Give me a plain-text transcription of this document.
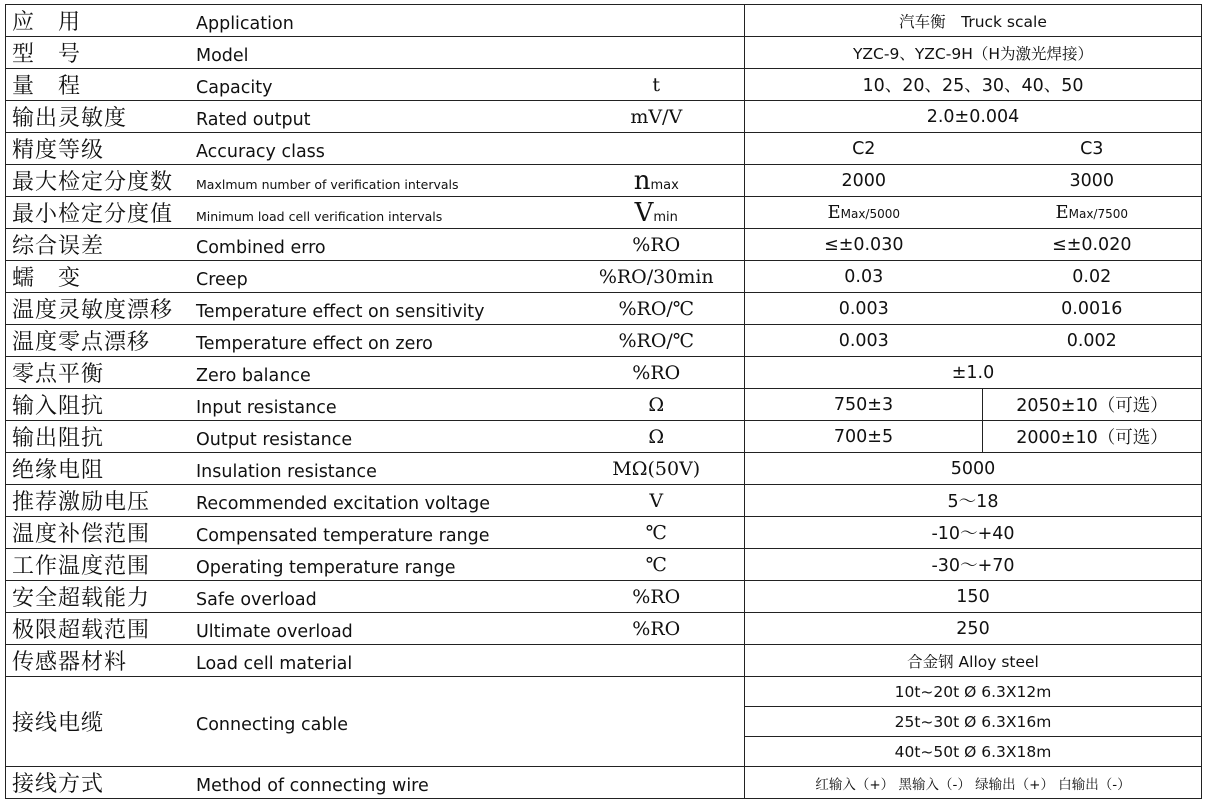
应　用 Application		汽车衡　Truck scale	
型　号 Model		YZC-9、YZC-9H（H为激光焊接）	
量　程 Capacity	t	10、20、25、30、40、50	
输出灵敏度 Rated output	mV/V	2.0±0.004	
精度等级 Accuracy class		C2	C3
最大检定分度数 Maxlmum number of verification intervals	nmax	2000	3000
最小检定分度值 Minimum load cell verification intervals	Vmin	EMax/5000	EMax/7500
综合误差 Combined erro	%RO	≤±0.030	≤±0.020
蠕　变 Creep	%RO/30min	0.03	0.02
温度灵敏度漂移 Temperature effect on sensitivity	%RO/℃	0.003	0.0016
温度零点漂移 Temperature effect on zero	%RO/℃	0.003	0.002
零点平衡 Zero balance	%RO	±1.0	
输入阻抗 Input resistance	Ω	750±3	2050±10（可选）
输出阻抗 Output resistance	Ω	700±5	2000±10（可选）
绝缘电阻 Insulation resistance	MΩ(50V)	5000	
推荐激励电压 Recommended excitation voltage	V	5～18	
温度补偿范围 Compensated temperature range	℃	-10～+40	
工作温度范围 Operating temperature range	℃	-30～+70	
安全超载能力 Safe overload	%RO	150	
极限超载范围 Ultimate overload	%RO	250	
传感器材料 Load cell material		合金钢 Alloy steel	
接线电缆 Connecting cable		10t~20t Ø 6.3X12m	
		25t~30t Ø 6.3X16m	
		40t~50t Ø 6.3X18m	
接线方式 Method of connecting wire		红输入（+） 黑输入（-） 绿输出（+） 白输出（-）	
